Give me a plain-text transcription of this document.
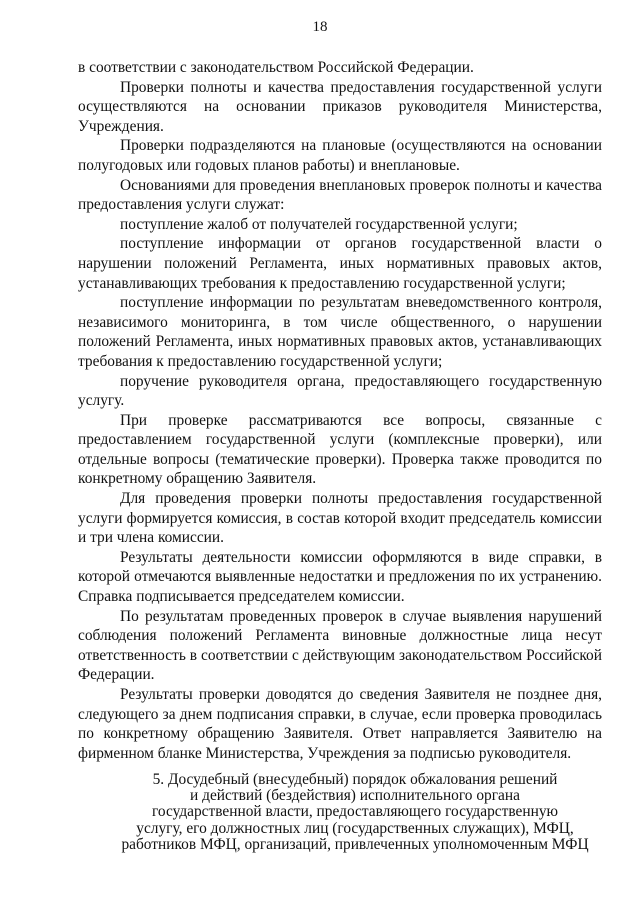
18

в соответствии с законодательством Российской Федерации.

Проверки полноты и качества предоставления государственной услуги осуществляются на основании приказов руководителя Министерства, Учреждения.

Проверки подразделяются на плановые (осуществляются на основании полугодовых или годовых планов работы) и внеплановые.

Основаниями для проведения внеплановых проверок полноты и качества предоставления услуги служат:

поступление жалоб от получателей государственной услуги;

поступление информации от органов государственной власти о нарушении положений Регламента, иных нормативных правовых актов, устанавливающих требования к предоставлению государственной услуги;

поступление информации по результатам вневедомственного контроля, независимого мониторинга, в том числе общественного, о нарушении положений Регламента, иных нормативных правовых актов, устанавливающих требования к предоставлению государственной услуги;

поручение руководителя органа, предоставляющего государственную услугу.

При проверке рассматриваются все вопросы, связанные с предоставлением государственной услуги (комплексные проверки), или отдельные вопросы (тематические проверки). Проверка также проводится по конкретному обращению Заявителя.

Для проведения проверки полноты предоставления государственной услуги формируется комиссия, в состав которой входит председатель комиссии и три члена комиссии.

Результаты деятельности комиссии оформляются в виде справки, в которой отмечаются выявленные недостатки и предложения по их устранению. Справка подписывается председателем комиссии.

По результатам проведенных проверок в случае выявления нарушений соблюдения положений Регламента виновные должностные лица несут ответственность в соответствии с действующим законодательством Российской Федерации.

Результаты проверки доводятся до сведения Заявителя не позднее дня, следующего за днем подписания справки, в случае, если проверка проводилась по конкретному обращению Заявителя. Ответ направляется Заявителю на фирменном бланке Министерства, Учреждения за подписью руководителя.

5. Досудебный (внесудебный) порядок обжалования решений
и действий (бездействия) исполнительного органа
государственной власти, предоставляющего государственную
услугу, его должностных лиц (государственных служащих), МФЦ,
работников МФЦ, организаций, привлеченных уполномоченным МФЦ
